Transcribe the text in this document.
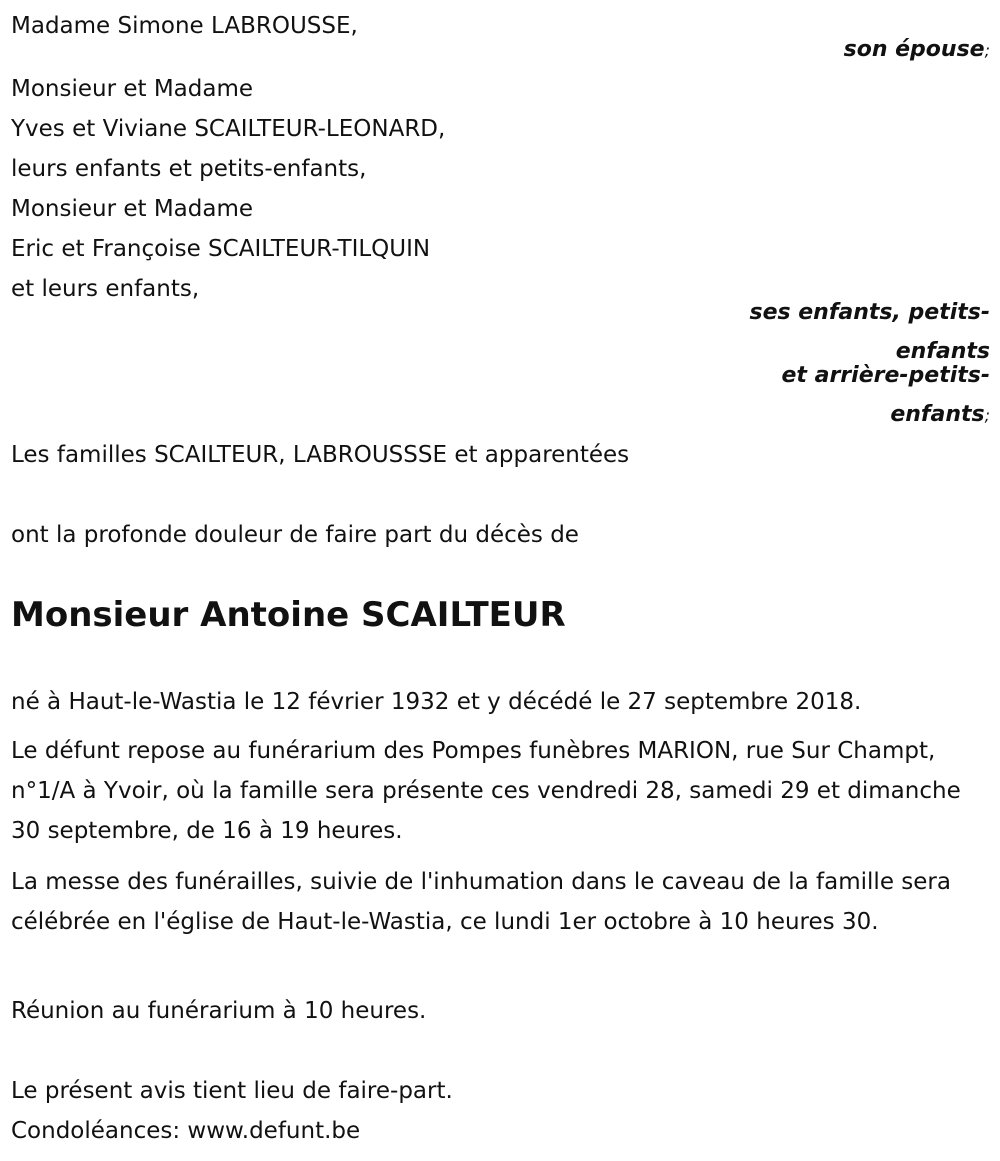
Madame Simone LABROUSSE,
son épouse;
Monsieur et Madame
Yves et Viviane SCAILTEUR-LEONARD,
leurs enfants et petits-enfants,
Monsieur et Madame
Eric et Françoise SCAILTEUR-TILQUIN
et leurs enfants,
ses enfants, petits-
enfants
et arrière-petits-
enfants;
Les familles SCAILTEUR, LABROUSSSE et apparentées
ont la profonde douleur de faire part du décès de
Monsieur Antoine SCAILTEUR
né à Haut-le-Wastia le 12 février 1932 et y décédé le 27 septembre 2018.
Le défunt repose au funérarium des Pompes funèbres MARION, rue Sur Champt, n°1/A à Yvoir, où la famille sera présente ces vendredi 28, samedi 29 et dimanche 30 septembre, de 16 à 19 heures.
La messe des funérailles, suivie de l'inhumation dans le caveau de la famille sera célébrée en l'église de Haut-le-Wastia, ce lundi 1er octobre à 10 heures 30.
Réunion au funérarium à 10 heures.
Le présent avis tient lieu de faire-part.
Condoléances: www.defunt.be
